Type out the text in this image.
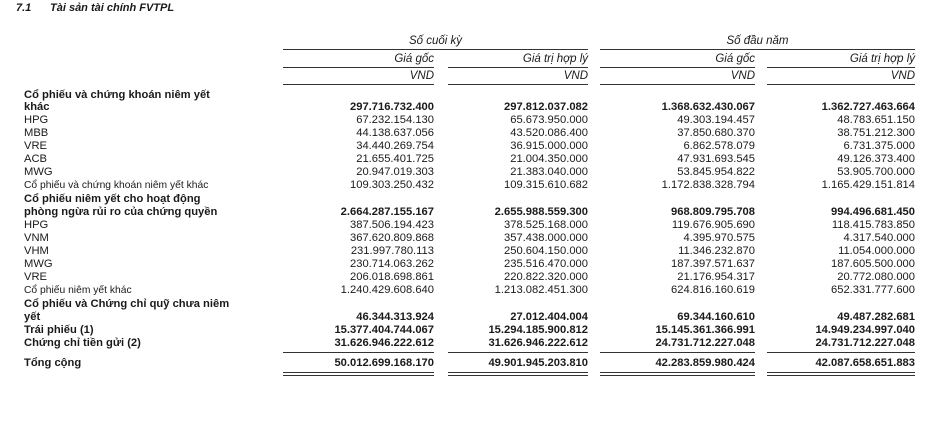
7.1 Tài sản tài chính FVTPL
Số cuối kỳ	Số đầu năm
Giá gốc	Giá trị hợp lý	Giá gốc	Giá trị hợp lý
VND	VND	VND	VND
Cổ phiếu và chứng khoán niêm yết
khác	297.716.732.400	297.812.037.082	1.368.632.430.067	1.362.727.463.664
HPG	67.232.154.130	65.673.950.000	49.303.194.457	48.783.651.150
MBB	44.138.637.056	43.520.086.400	37.850.680.370	38.751.212.300
VRE	34.440.269.754	36.915.000.000	6.862.578.079	6.731.375.000
ACB	21.655.401.725	21.004.350.000	47.931.693.545	49.126.373.400
MWG	20.947.019.303	21.383.040.000	53.845.954.822	53.905.700.000
Cổ phiếu và chứng khoán niêm yết khác	109.303.250.432	109.315.610.682	1.172.838.328.794	1.165.429.151.814
Cổ phiếu niêm yết cho hoạt động
phòng ngừa rủi ro của chứng quyền	2.664.287.155.167	2.655.988.559.300	968.809.795.708	994.496.681.450
HPG	387.506.194.423	378.525.168.000	119.676.905.690	118.415.783.850
VNM	367.620.809.868	357.438.000.000	4.395.970.575	4.317.540.000
VHM	231.997.780.113	250.604.150.000	11.346.232.870	11.054.000.000
MWG	230.714.063.262	235.516.470.000	187.397.571.637	187.605.500.000
VRE	206.018.698.861	220.822.320.000	21.176.954.317	20.772.080.000
Cổ phiếu niêm yết khác	1.240.429.608.640	1.213.082.451.300	624.816.160.619	652.331.777.600
Cổ phiếu và Chứng chỉ quỹ chưa niêm
yết	46.344.313.924	27.012.404.004	69.344.160.610	49.487.282.681
Trái phiếu (1)	15.377.404.744.067	15.294.185.900.812	15.145.361.366.991	14.949.234.997.040
Chứng chỉ tiền gửi (2)	31.626.946.222.612	31.626.946.222.612	24.731.712.227.048	24.731.712.227.048
Tổng cộng	50.012.699.168.170	49.901.945.203.810	42.283.859.980.424	42.087.658.651.883
